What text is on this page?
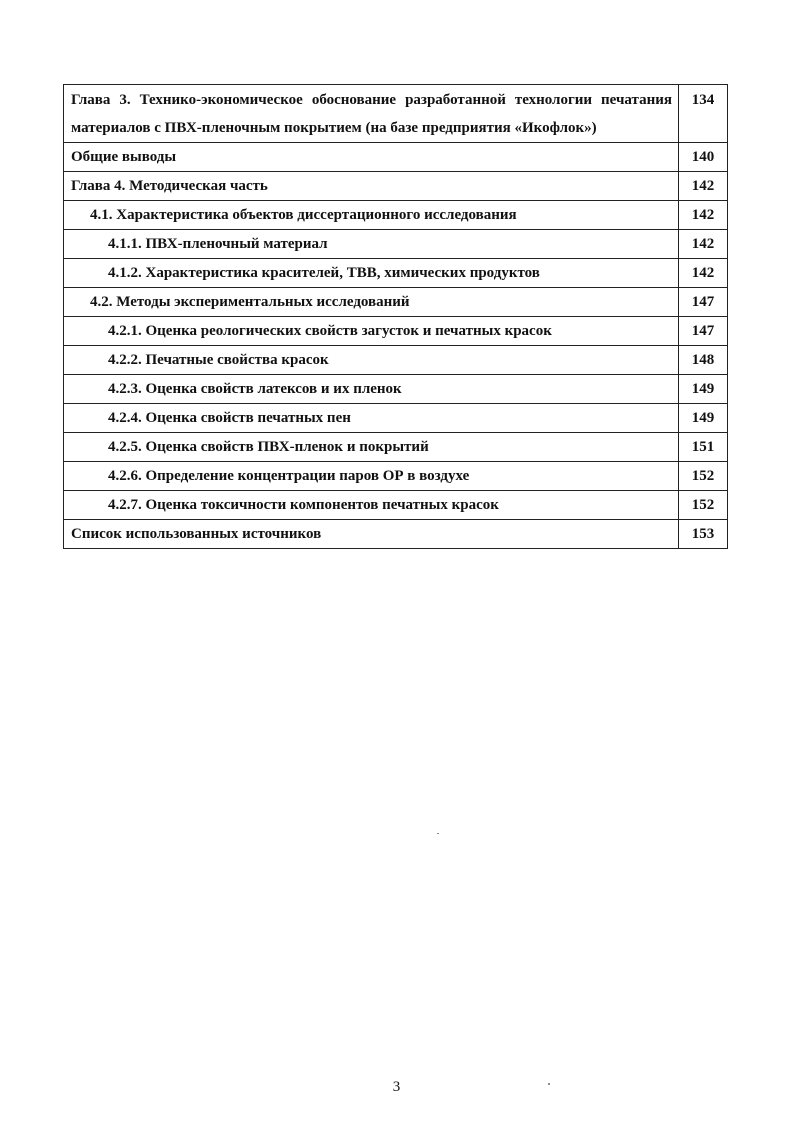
Глава 3. Технико-экономическое обоснование разработанной технологии печатания материалов с ПВХ-пленочным покрытием (на базе предприятия «Икофлок»)	134
Общие выводы	140
Глава 4. Методическая часть	142
4.1. Характеристика объектов диссертационного исследования	142
4.1.1. ПВХ-пленочный материал	142
4.1.2. Характеристика красителей, ТВВ, химических продуктов	142
4.2. Методы экспериментальных исследований	147
4.2.1. Оценка реологических свойств загусток и печатных красок	147
4.2.2. Печатные свойства красок	148
4.2.3. Оценка свойств латексов и их пленок	149
4.2.4. Оценка свойств печатных пен	149
4.2.5. Оценка свойств ПВХ-пленок и покрытий	151
4.2.6. Определение концентрации паров ОР в воздухе	152
4.2.7. Оценка токсичности компонентов печатных красок	152
Список использованных источников	153
3
